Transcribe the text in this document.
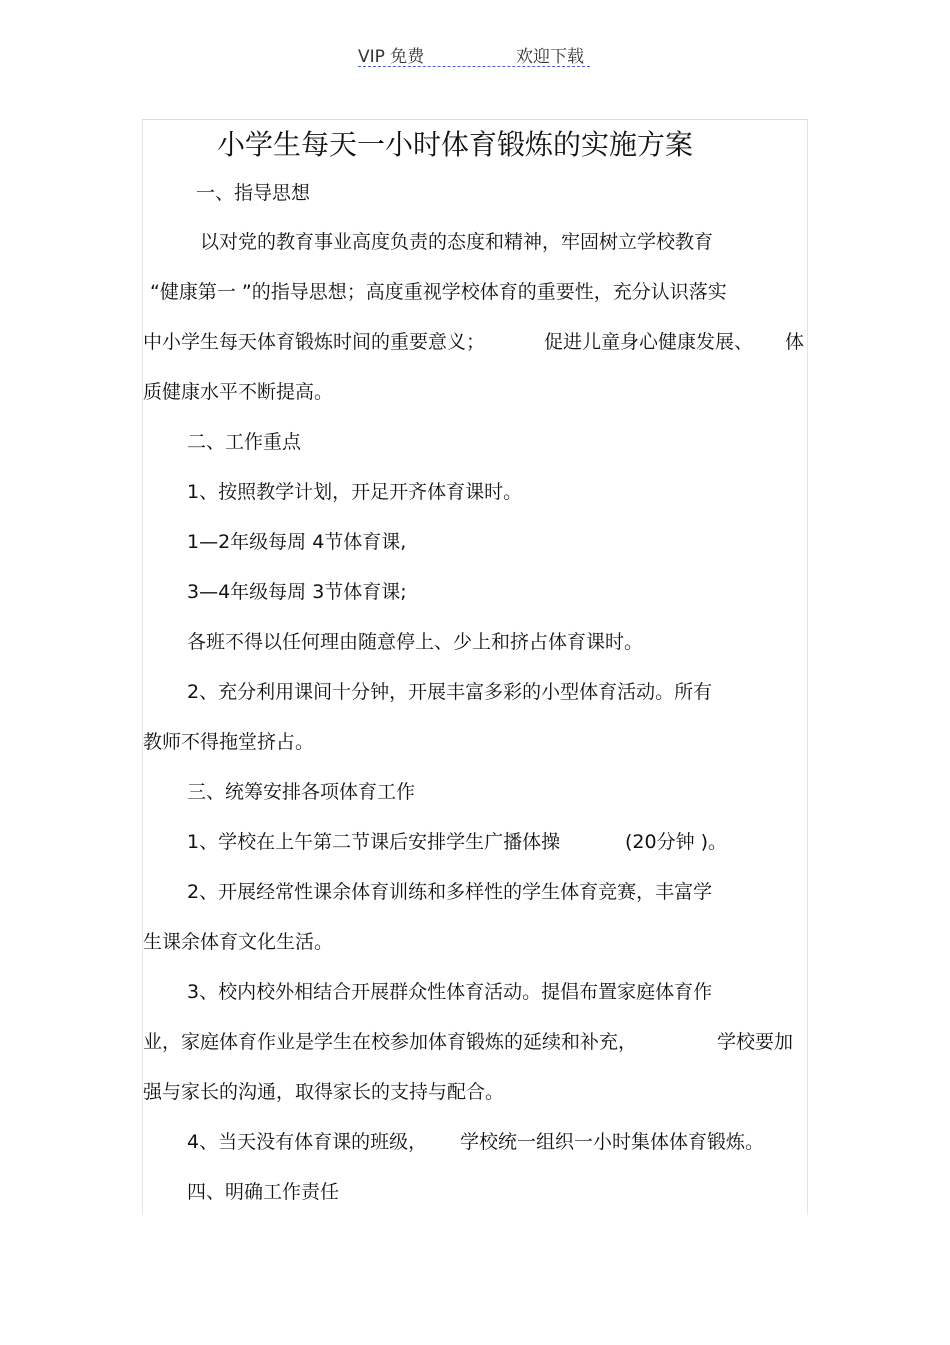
VIP 免费	欢迎下载
小学生每天一小时体育锻炼的实施方案
一、指导思想
以对党的教育事业高度负责的态度和精神，牢固树立学校教育
“健康第一 ”的指导思想；高度重视学校体育的重要性，充分认识落实
中小学生每天体育锻炼时间的重要意义；	促进儿童身心健康发展、 体
质健康水平不断提高。
二、工作重点
1、按照教学计划，开足开齐体育课时。
1—2年级每周 4节体育课,
3—4年级每周 3节体育课;
各班不得以任何理由随意停上、少上和挤占体育课时。
2、充分利用课间十分钟，开展丰富多彩的小型体育活动。所有
教师不得拖堂挤占。
三、统筹安排各项体育工作
1、学校在上午第二节课后安排学生广播体操	(20分钟 )。
2、开展经常性课余体育训练和多样性的学生体育竞赛，丰富学
生课余体育文化生活。
3、校内校外相结合开展群众性体育活动。提倡布置家庭体育作
业，家庭体育作业是学生在校参加体育锻炼的延续和补充，	学校要加
强与家长的沟通，取得家长的支持与配合。
4、当天没有体育课的班级， 学校统一组织一小时集体体育锻炼。
四、明确工作责任
